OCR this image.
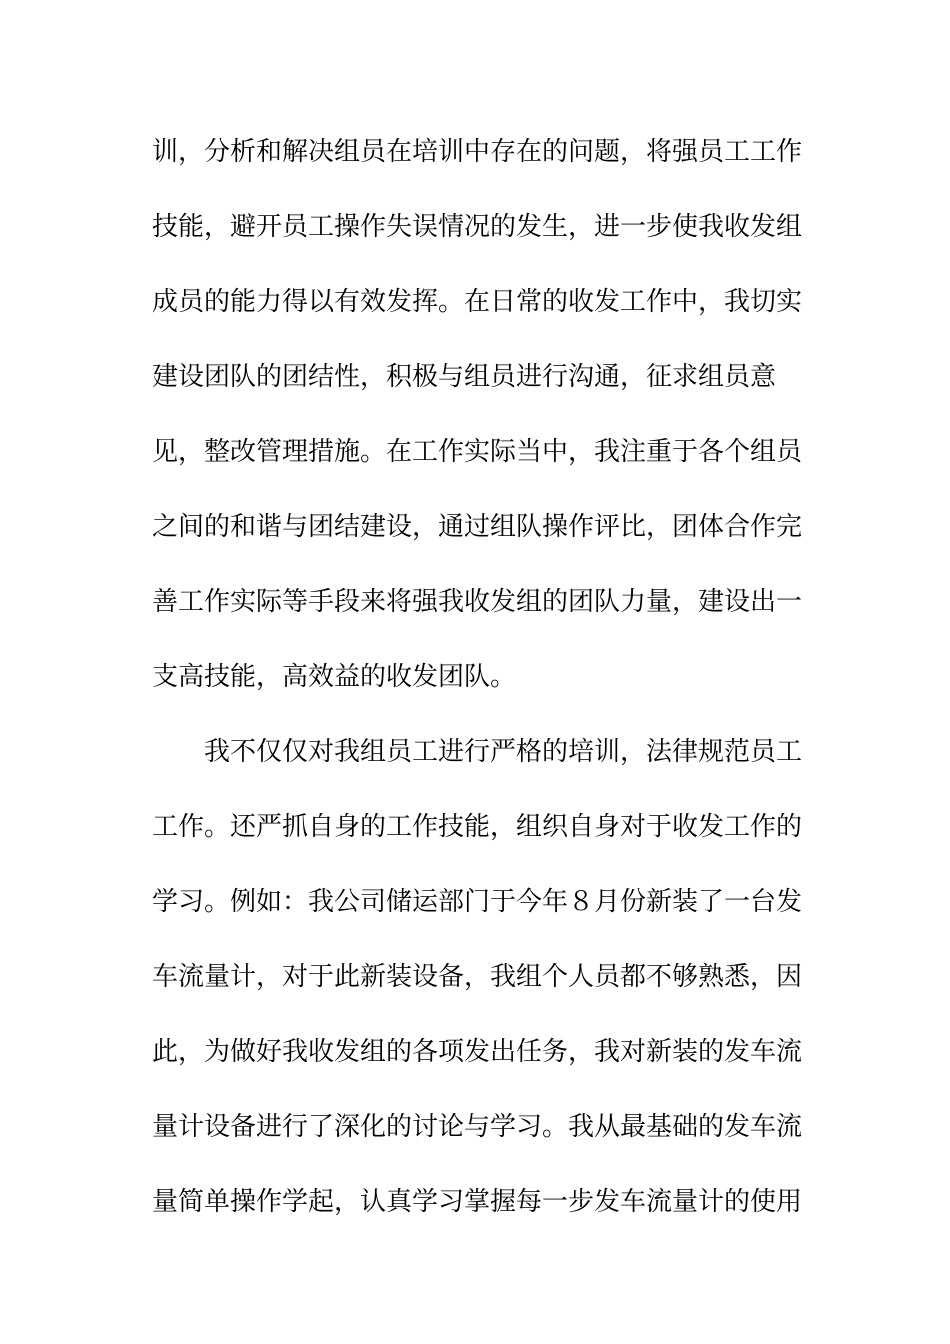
训，分析和解决组员在培训中存在的问题，将强员工工作
技能，避开员工操作失误情况的发生，进一步使我收发组
成员的能力得以有效发挥。在日常的收发工作中，我切实
建设团队的团结性，积极与组员进行沟通，征求组员意
见，整改管理措施。在工作实际当中，我注重于各个组员
之间的和谐与团结建设，通过组队操作评比，团体合作完
善工作实际等手段来将强我收发组的团队力量，建设出一
支高技能，高效益的收发团队。
　　我不仅仅对我组员工进行严格的培训，法律规范员工
工作。还严抓自身的工作技能，组织自身对于收发工作的
学习。例如：我公司储运部门于今年８月份新装了一台发
车流量计，对于此新装设备，我组个人员都不够熟悉，因
此，为做好我收发组的各项发出任务，我对新装的发车流
量计设备进行了深化的讨论与学习。我从最基础的发车流
量简单操作学起，认真学习掌握每一步发车流量计的使用
